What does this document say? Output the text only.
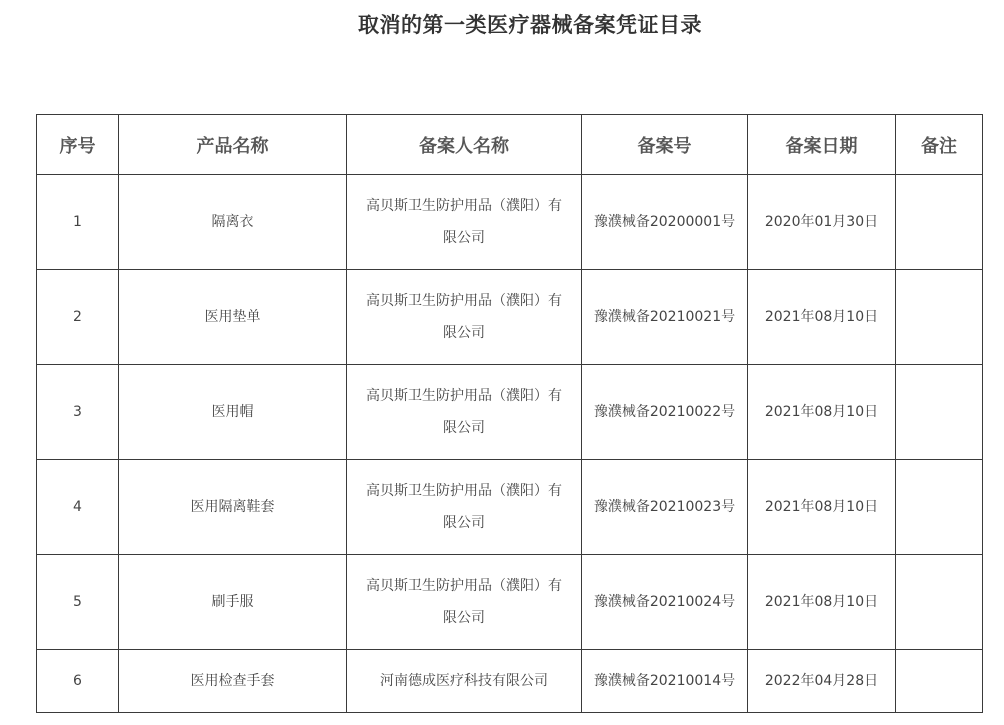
取消的第一类医疗器械备案凭证目录
序号	产品名称	备案人名称	备案号	备案日期	备注
1	隔离衣	高贝斯卫生防护用品（濮阳）有限公司	豫濮械备20200001号	2020年01月30日	
2	医用垫单	高贝斯卫生防护用品（濮阳）有限公司	豫濮械备20210021号	2021年08月10日	
3	医用帽	高贝斯卫生防护用品（濮阳）有限公司	豫濮械备20210022号	2021年08月10日	
4	医用隔离鞋套	高贝斯卫生防护用品（濮阳）有限公司	豫濮械备20210023号	2021年08月10日	
5	刷手服	高贝斯卫生防护用品（濮阳）有限公司	豫濮械备20210024号	2021年08月10日	
6	医用检查手套	河南德成医疗科技有限公司	豫濮械备20210014号	2022年04月28日	
